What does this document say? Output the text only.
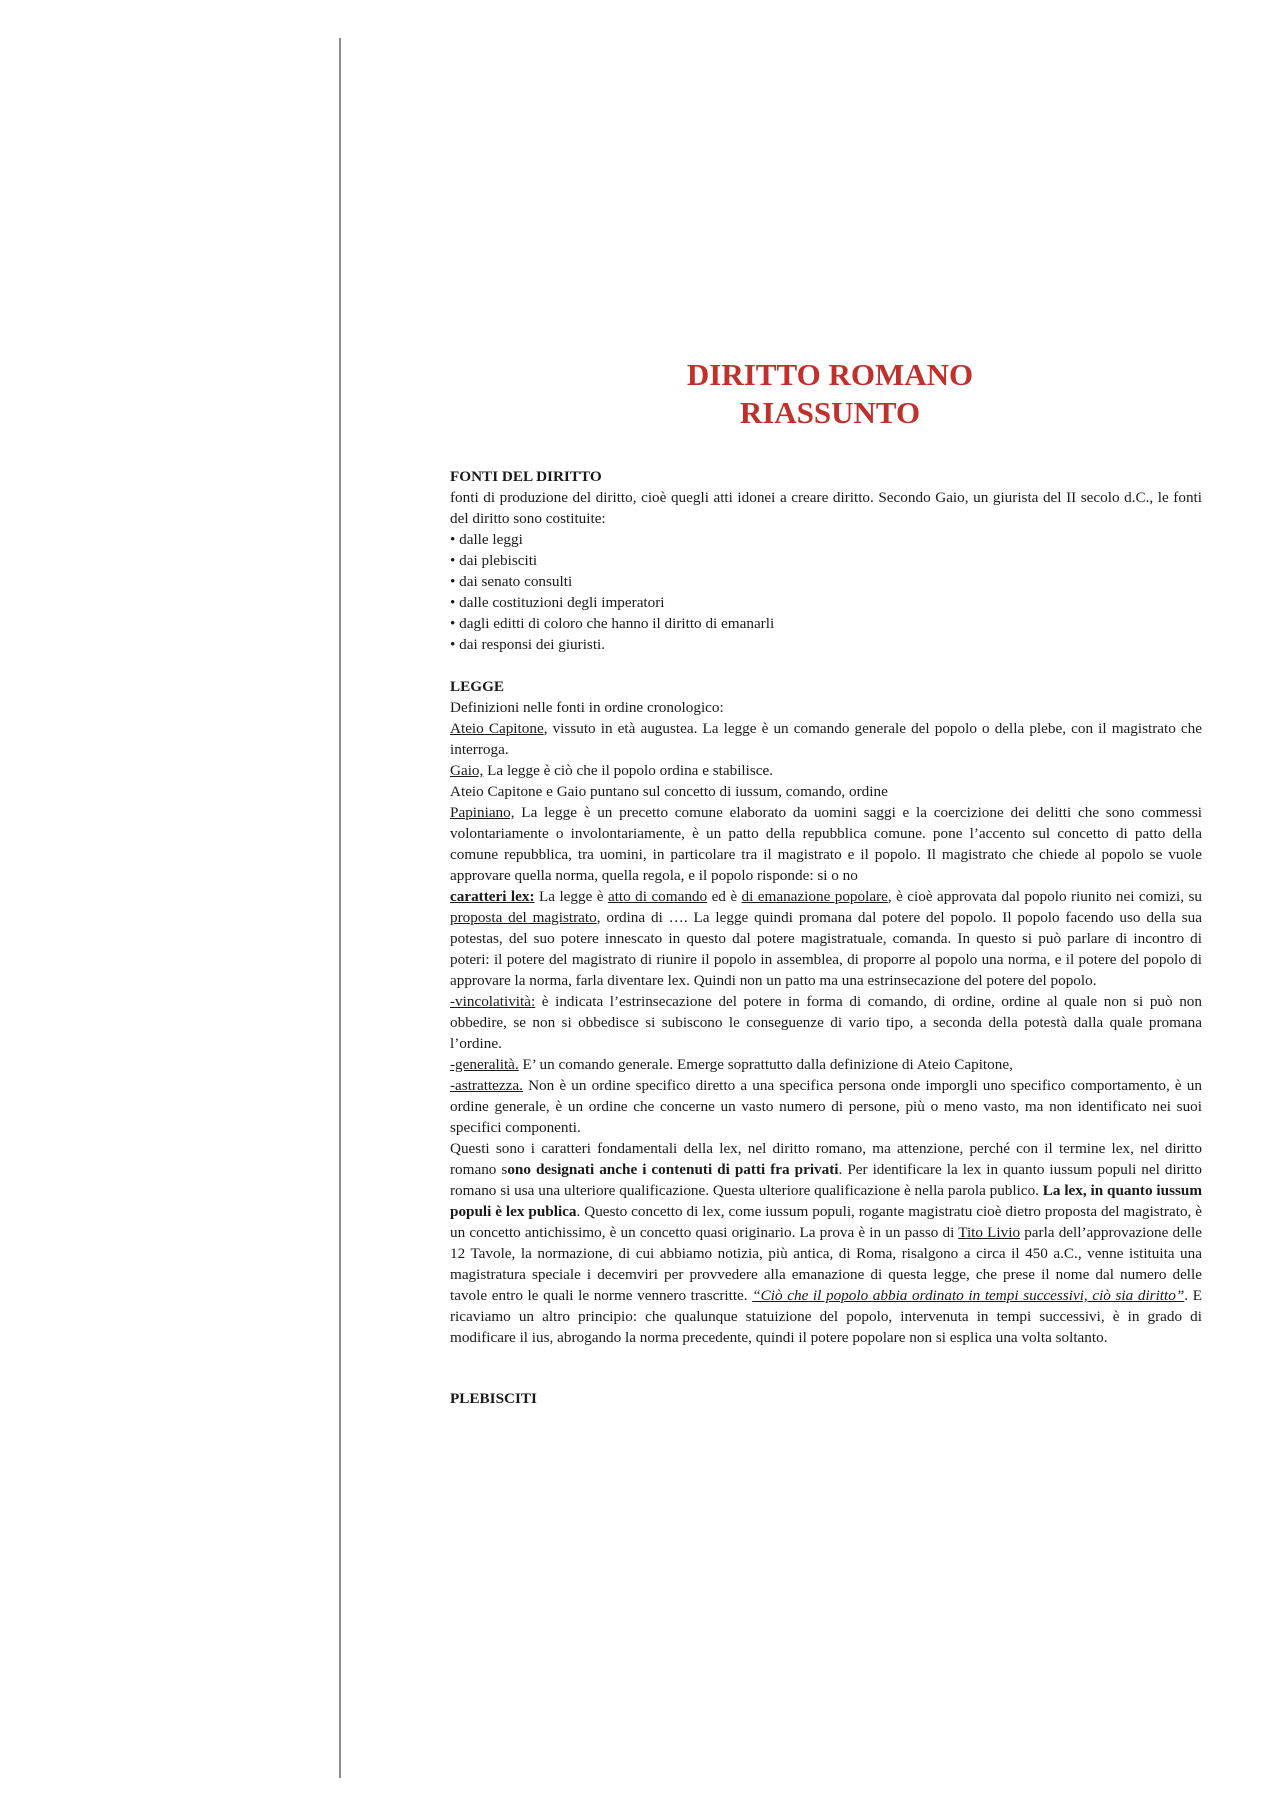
DIRITTO ROMANO
RIASSUNTO

FONTI DEL DIRITTO

fonti di produzione del diritto, cioè quegli atti idonei a creare diritto. Secondo Gaio, un giurista del II secolo d.C., le fonti del diritto sono costituite:

• dalle leggi
• dai plebisciti
• dai senato consulti
• dalle costituzioni degli imperatori
• dagli editti di coloro che hanno il diritto di emanarli
• dai responsi dei giuristi.

LEGGE

Definizioni nelle fonti in ordine cronologico:

Ateio Capitone, vissuto in età augustea. La legge è un comando generale del popolo o della plebe, con il magistrato che interroga.

Gaio, La legge è ciò che il popolo ordina e stabilisce.

Ateio Capitone e Gaio puntano sul concetto di iussum, comando, ordine

Papiniano, La legge è un precetto comune elaborato da uomini saggi e la coercizione dei delitti che sono commessi volontariamente o involontariamente, è un patto della repubblica comune. pone l’accento sul concetto di patto della comune repubblica, tra uomini, in particolare tra il magistrato e il popolo. Il magistrato che chiede al popolo se vuole approvare quella norma, quella regola, e il popolo risponde: si o no

caratteri lex: La legge è atto di comando ed è di emanazione popolare, è cioè approvata dal popolo riunito nei comizi, su proposta del magistrato, ordina di …. La legge quindi promana dal potere del popolo. Il popolo facendo uso della sua potestas, del suo potere innescato in questo dal potere magistratuale, comanda. In questo si può parlare di incontro di poteri: il potere del magistrato di riunire il popolo in assemblea, di proporre al popolo una norma, e il potere del popolo di approvare la norma, farla diventare lex. Quindi non un patto ma una estrinsecazione del potere del popolo.

-vincolatività: è indicata l’estrinsecazione del potere in forma di comando, di ordine, ordine al quale non si può non obbedire, se non si obbedisce si subiscono le conseguenze di vario tipo, a seconda della potestà dalla quale promana l’ordine.

-generalità. E’ un comando generale. Emerge soprattutto dalla definizione di Ateio Capitone,

-astrattezza. Non è un ordine specifico diretto a una specifica persona onde imporgli uno specifico comportamento, è un ordine generale, è un ordine che concerne un vasto numero di persone, più o meno vasto, ma non identificato nei suoi specifici componenti.

Questi sono i caratteri fondamentali della lex, nel diritto romano, ma attenzione, perché con il termine lex, nel diritto romano sono designati anche i contenuti di patti fra privati. Per identificare la lex in quanto iussum populi nel diritto romano si usa una ulteriore qualificazione. Questa ulteriore qualificazione è nella parola publico. La lex, in quanto iussum populi è lex publica. Questo concetto di lex, come iussum populi, rogante magistratu cioè dietro proposta del magistrato, è un concetto antichissimo, è un concetto quasi originario. La prova è in un passo di Tito Livio parla dell’approvazione delle 12 Tavole, la normazione, di cui abbiamo notizia, più antica, di Roma, risalgono a circa il 450 a.C., venne istituita una magistratura speciale i decemviri per provvedere alla emanazione di questa legge, che prese il nome dal numero delle tavole entro le quali le norme vennero trascritte. “Ciò che il popolo abbia ordinato in tempi successivi, ciò sia diritto”. E ricaviamo un altro principio: che qualunque statuizione del popolo, intervenuta in tempi successivi, è in grado di modificare il ius, abrogando la norma precedente, quindi il potere popolare non si esplica una volta soltanto.

PLEBISCITI
